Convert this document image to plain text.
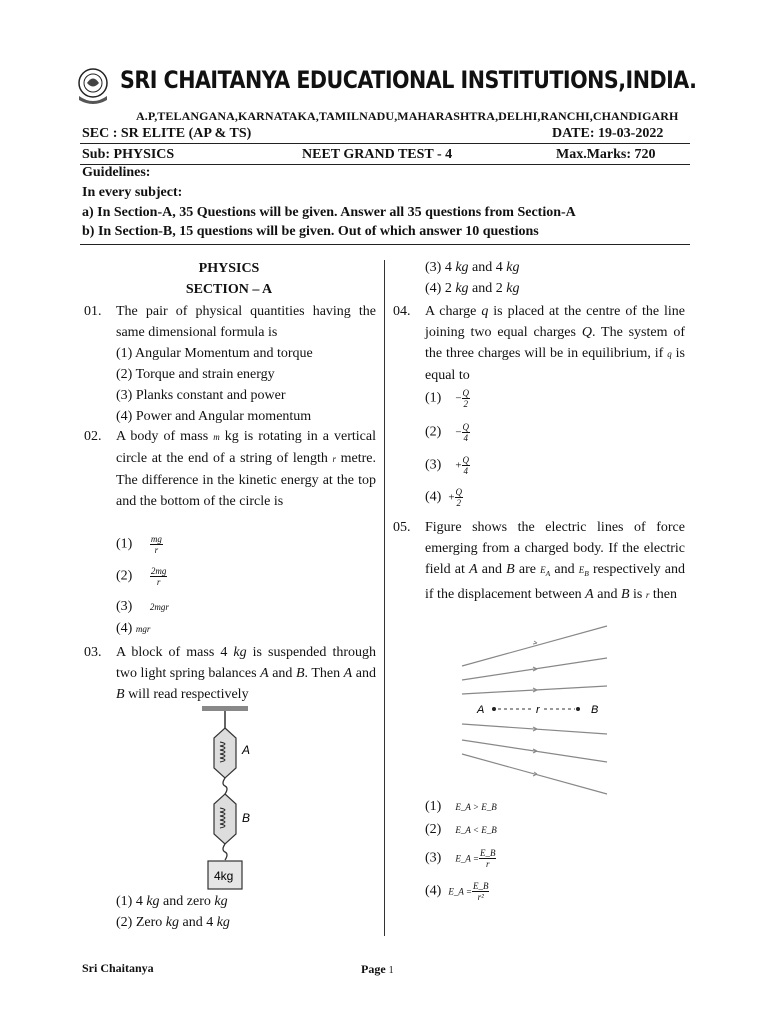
SRI CHAITANYA EDUCATIONAL INSTITUTIONS,INDIA.
A.P,TELANGANA,KARNATAKA,TAMILNADU,MAHARASHTRA,DELHI,RANCHI,CHANDIGARH
SEC : SR ELITE (AP & TS)	DATE: 19-03-2022
Sub: PHYSICS	NEET GRAND TEST - 4	Max.Marks: 720
Guidelines:
In every subject:
a) In Section-A, 35 Questions will be given. Answer all 35 questions from Section-A
b) In Section-B, 15 questions will be given. Out of which answer 10 questions
PHYSICS
SECTION – A
01.	The pair of physical quantities having the same dimensional formula is
(1) Angular Momentum and torque
(2) Torque and strain energy
(3) Planks constant and power
(4) Power and Angular momentum
02.	A body of mass m kg is rotating in a vertical circle at the end of a string of length r metre. The difference in the kinetic energy at the top and the bottom of the circle is
$(1) \frac{mg}{r}$
$(2) \frac{2mg}{r}$
(3) 2mgr
(4) mgr
03.	A block of mass 4 kg is suspended through two light spring balances A and B. Then A and B will read respectively
A
B
4kg
(1) 4 kg and zero kg
(2) Zero kg and 4 kg
(3) 4 kg and 4 kg
(4) 2 kg and 2 kg
04.	A charge q is placed at the centre of the line joining two equal charges Q. The system of the three charges will be in equilibrium, if q is equal to
$(1) - \frac{Q}{2}$
$(2) - \frac{Q}{4}$
$(3) + \frac{Q}{4}$
$(4) + \frac{Q}{2}$
05.	Figure shows the electric lines of force emerging from a charged body. If the electric field at A and B are $E_A$ and $E_B$ respectively and if the displacement between A and B is r then
A	r	B
(1) E_A > E_B
(2) E_A < E_B
(3) E_A = $\frac{E\_B}{r}$
(4) E_A = $\frac{E\_B}{\text{r²}}$
Sri Chaitanya	Page 1
